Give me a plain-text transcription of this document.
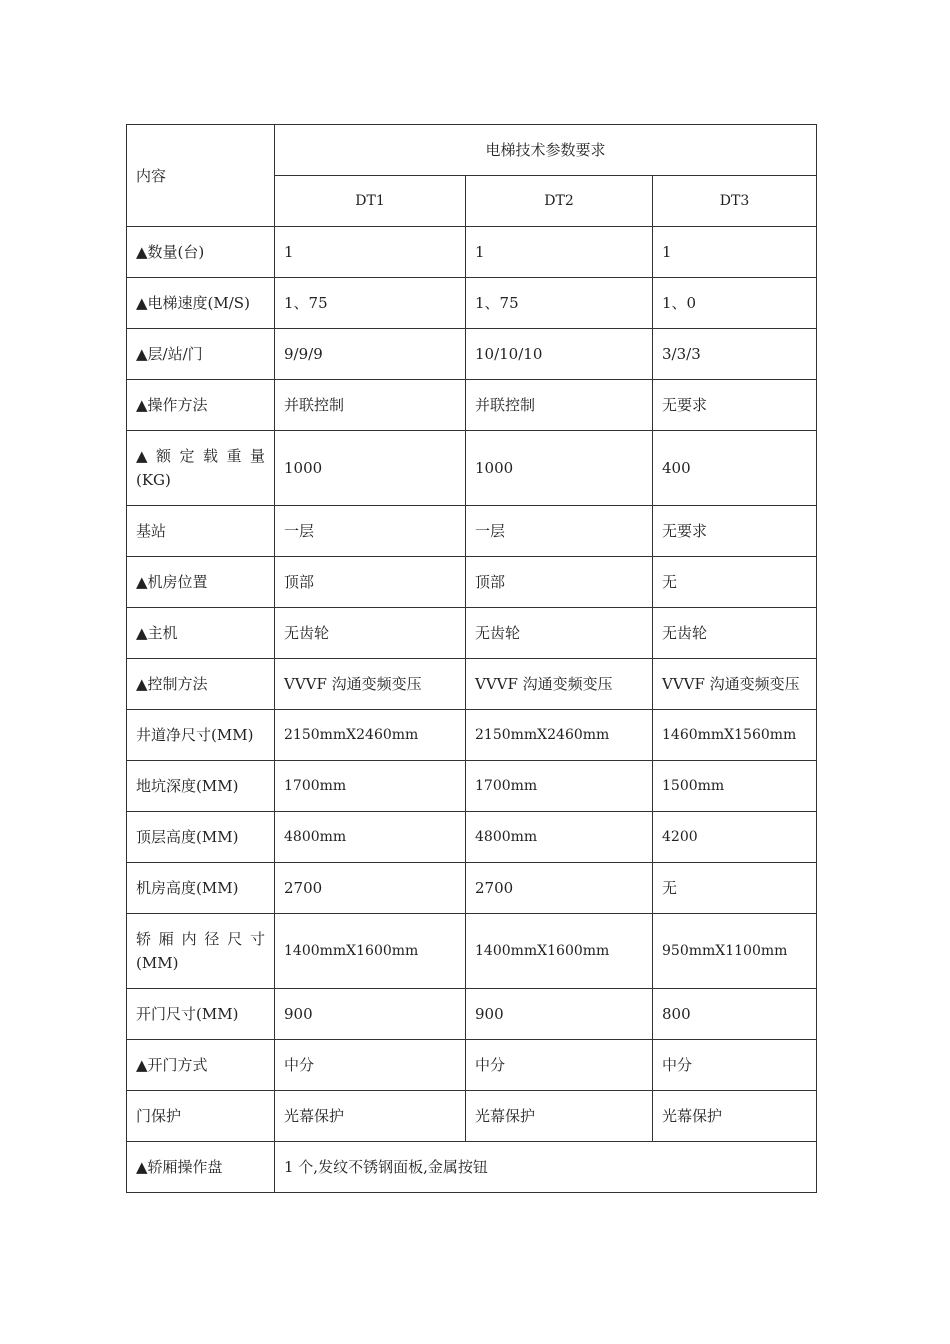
内容	电梯技术参数要求		
	DT1	DT2	DT3
▲数量(台)	1	1	1
▲电梯速度(M/S)	1、75	1、75	1、0
▲层/站/门	9/9/9	10/10/10	3/3/3
▲操作方法	并联控制	并联控制	无要求
▲ 额 定 载 重 量 (KG)	1000	1000	400
基站	一层	一层	无要求
▲机房位置	顶部	顶部	无
▲主机	无齿轮	无齿轮	无齿轮
▲控制方法	VVVF 沟通变频变压	VVVF 沟通变频变压	VVVF 沟通变频变压
井道净尺寸(MM)	2150mmX2460mm	2150mmX2460mm	1460mmX1560mm
地坑深度(MM)	1700mm	1700mm	1500mm
顶层高度(MM)	4800mm	4800mm	4200
机房高度(MM)	2700	2700	无
轿 厢 内 径 尺 寸 (MM)	1400mmX1600mm	1400mmX1600mm	950mmX1100mm
开门尺寸(MM)	900	900	800
▲开门方式	中分	中分	中分
门保护	光幕保护	光幕保护	光幕保护
▲轿厢操作盘	1 个,发纹不锈钢面板,金属按钮		
